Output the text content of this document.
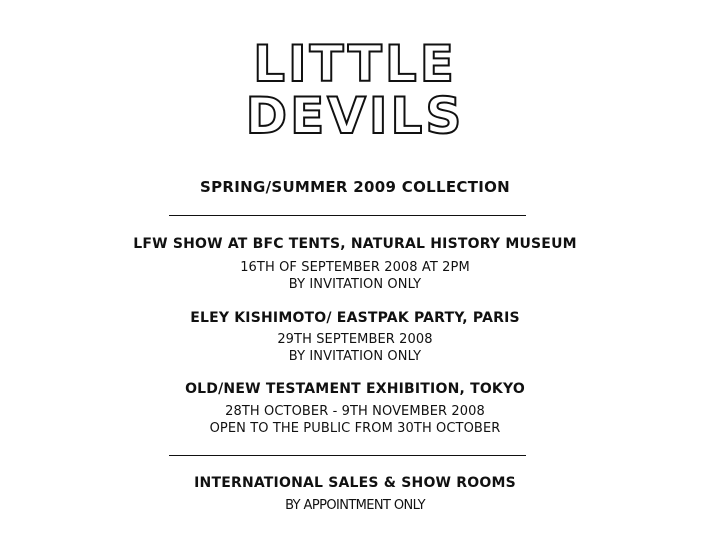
LITTLE
DEVILS
SPRING/SUMMER 2009 COLLECTION
LFW SHOW AT BFC TENTS, NATURAL HISTORY MUSEUM
16TH OF SEPTEMBER 2008 AT 2PM
BY INVITATION ONLY
ELEY KISHIMOTO/ EASTPAK PARTY, PARIS
29TH SEPTEMBER 2008
BY INVITATION ONLY
OLD/NEW TESTAMENT EXHIBITION, TOKYO
28TH OCTOBER - 9TH NOVEMBER 2008
OPEN TO THE PUBLIC FROM 30TH OCTOBER
INTERNATIONAL SALES & SHOW ROOMS
BY APPOINTMENT ONLY
